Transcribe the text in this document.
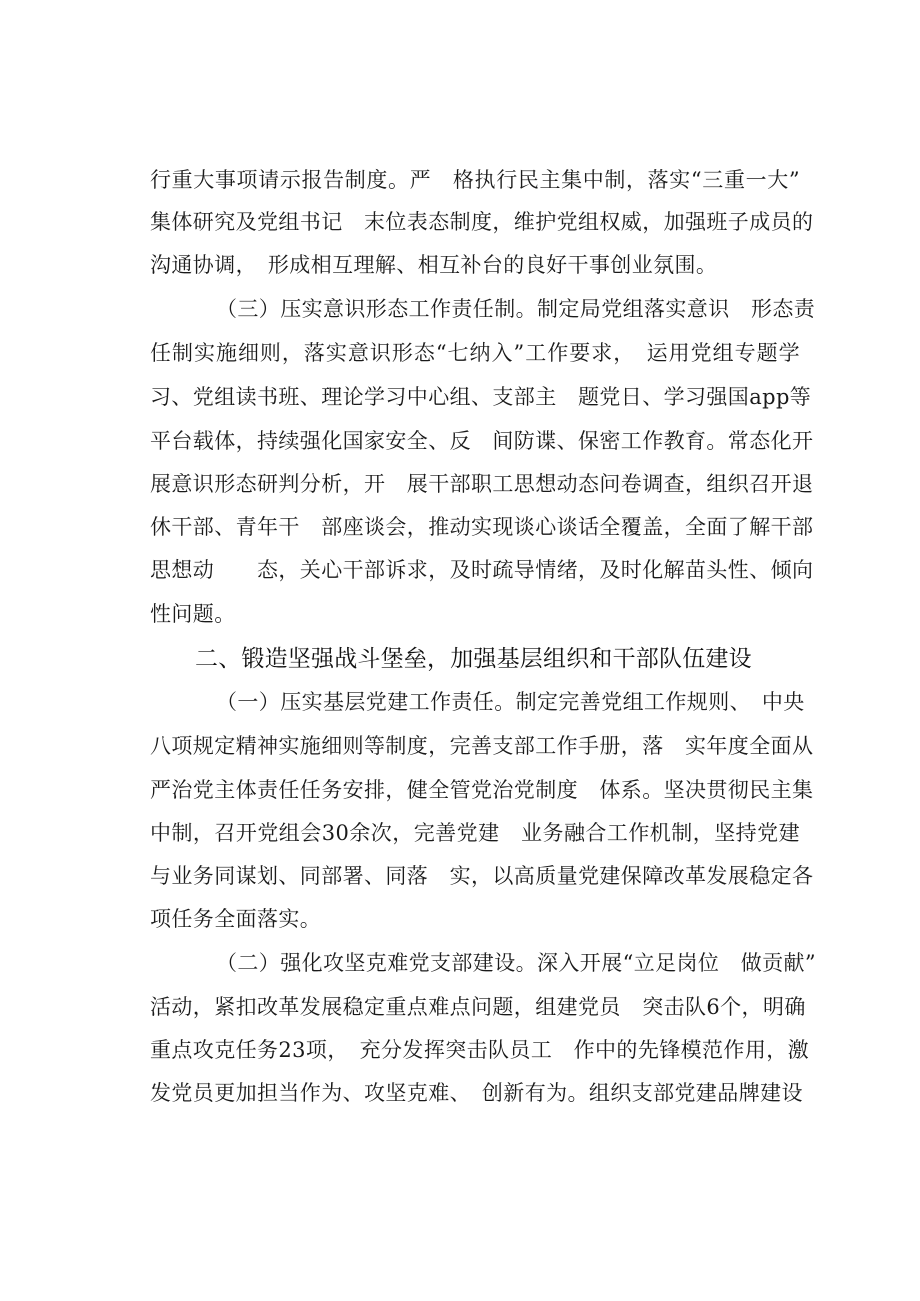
行重大事项请示报告制度。严　格执行民主集中制，落实“三重一大”
集体研究及党组书记　末位表态制度，维护党组权威，加强班子成员的
沟通协调，　形成相互理解、相互补台的良好干事创业氛围。
（三）压实意识形态工作责任制。制定局党组落实意识　形态责
任制实施细则，落实意识形态“七纳入”工作要求，　运用党组专题学
习、党组读书班、理论学习中心组、支部主　题党日、学习强国app等
平台载体，持续强化国家安全、反　间防谍、保密工作教育。常态化开
展意识形态研判分析，开　展干部职工思想动态问卷调查，组织召开退
休干部、青年干　部座谈会，推动实现谈心谈话全覆盖，全面了解干部
思想动　　态，关心干部诉求，及时疏导情绪，及时化解苗头性、倾向
性问题。
二、锻造坚强战斗堡垒，加强基层组织和干部队伍建设
（一）压实基层党建工作责任。制定完善党组工作规则、　中央
八项规定精神实施细则等制度，完善支部工作手册，落　实年度全面从
严治党主体责任任务安排，健全管党治党制度　体系。坚决贯彻民主集
中制，召开党组会30余次，完善党建　业务融合工作机制，坚持党建
与业务同谋划、同部署、同落　实，以高质量党建保障改革发展稳定各
项任务全面落实。
（二）强化攻坚克难党支部建设。深入开展“立足岗位　做贡献”
活动，紧扣改革发展稳定重点难点问题，组建党员　突击队6个，明确
重点攻克任务23项，　充分发挥突击队员工　作中的先锋模范作用，激
发党员更加担当作为、攻坚克难、　创新有为。组织支部党建品牌建设
